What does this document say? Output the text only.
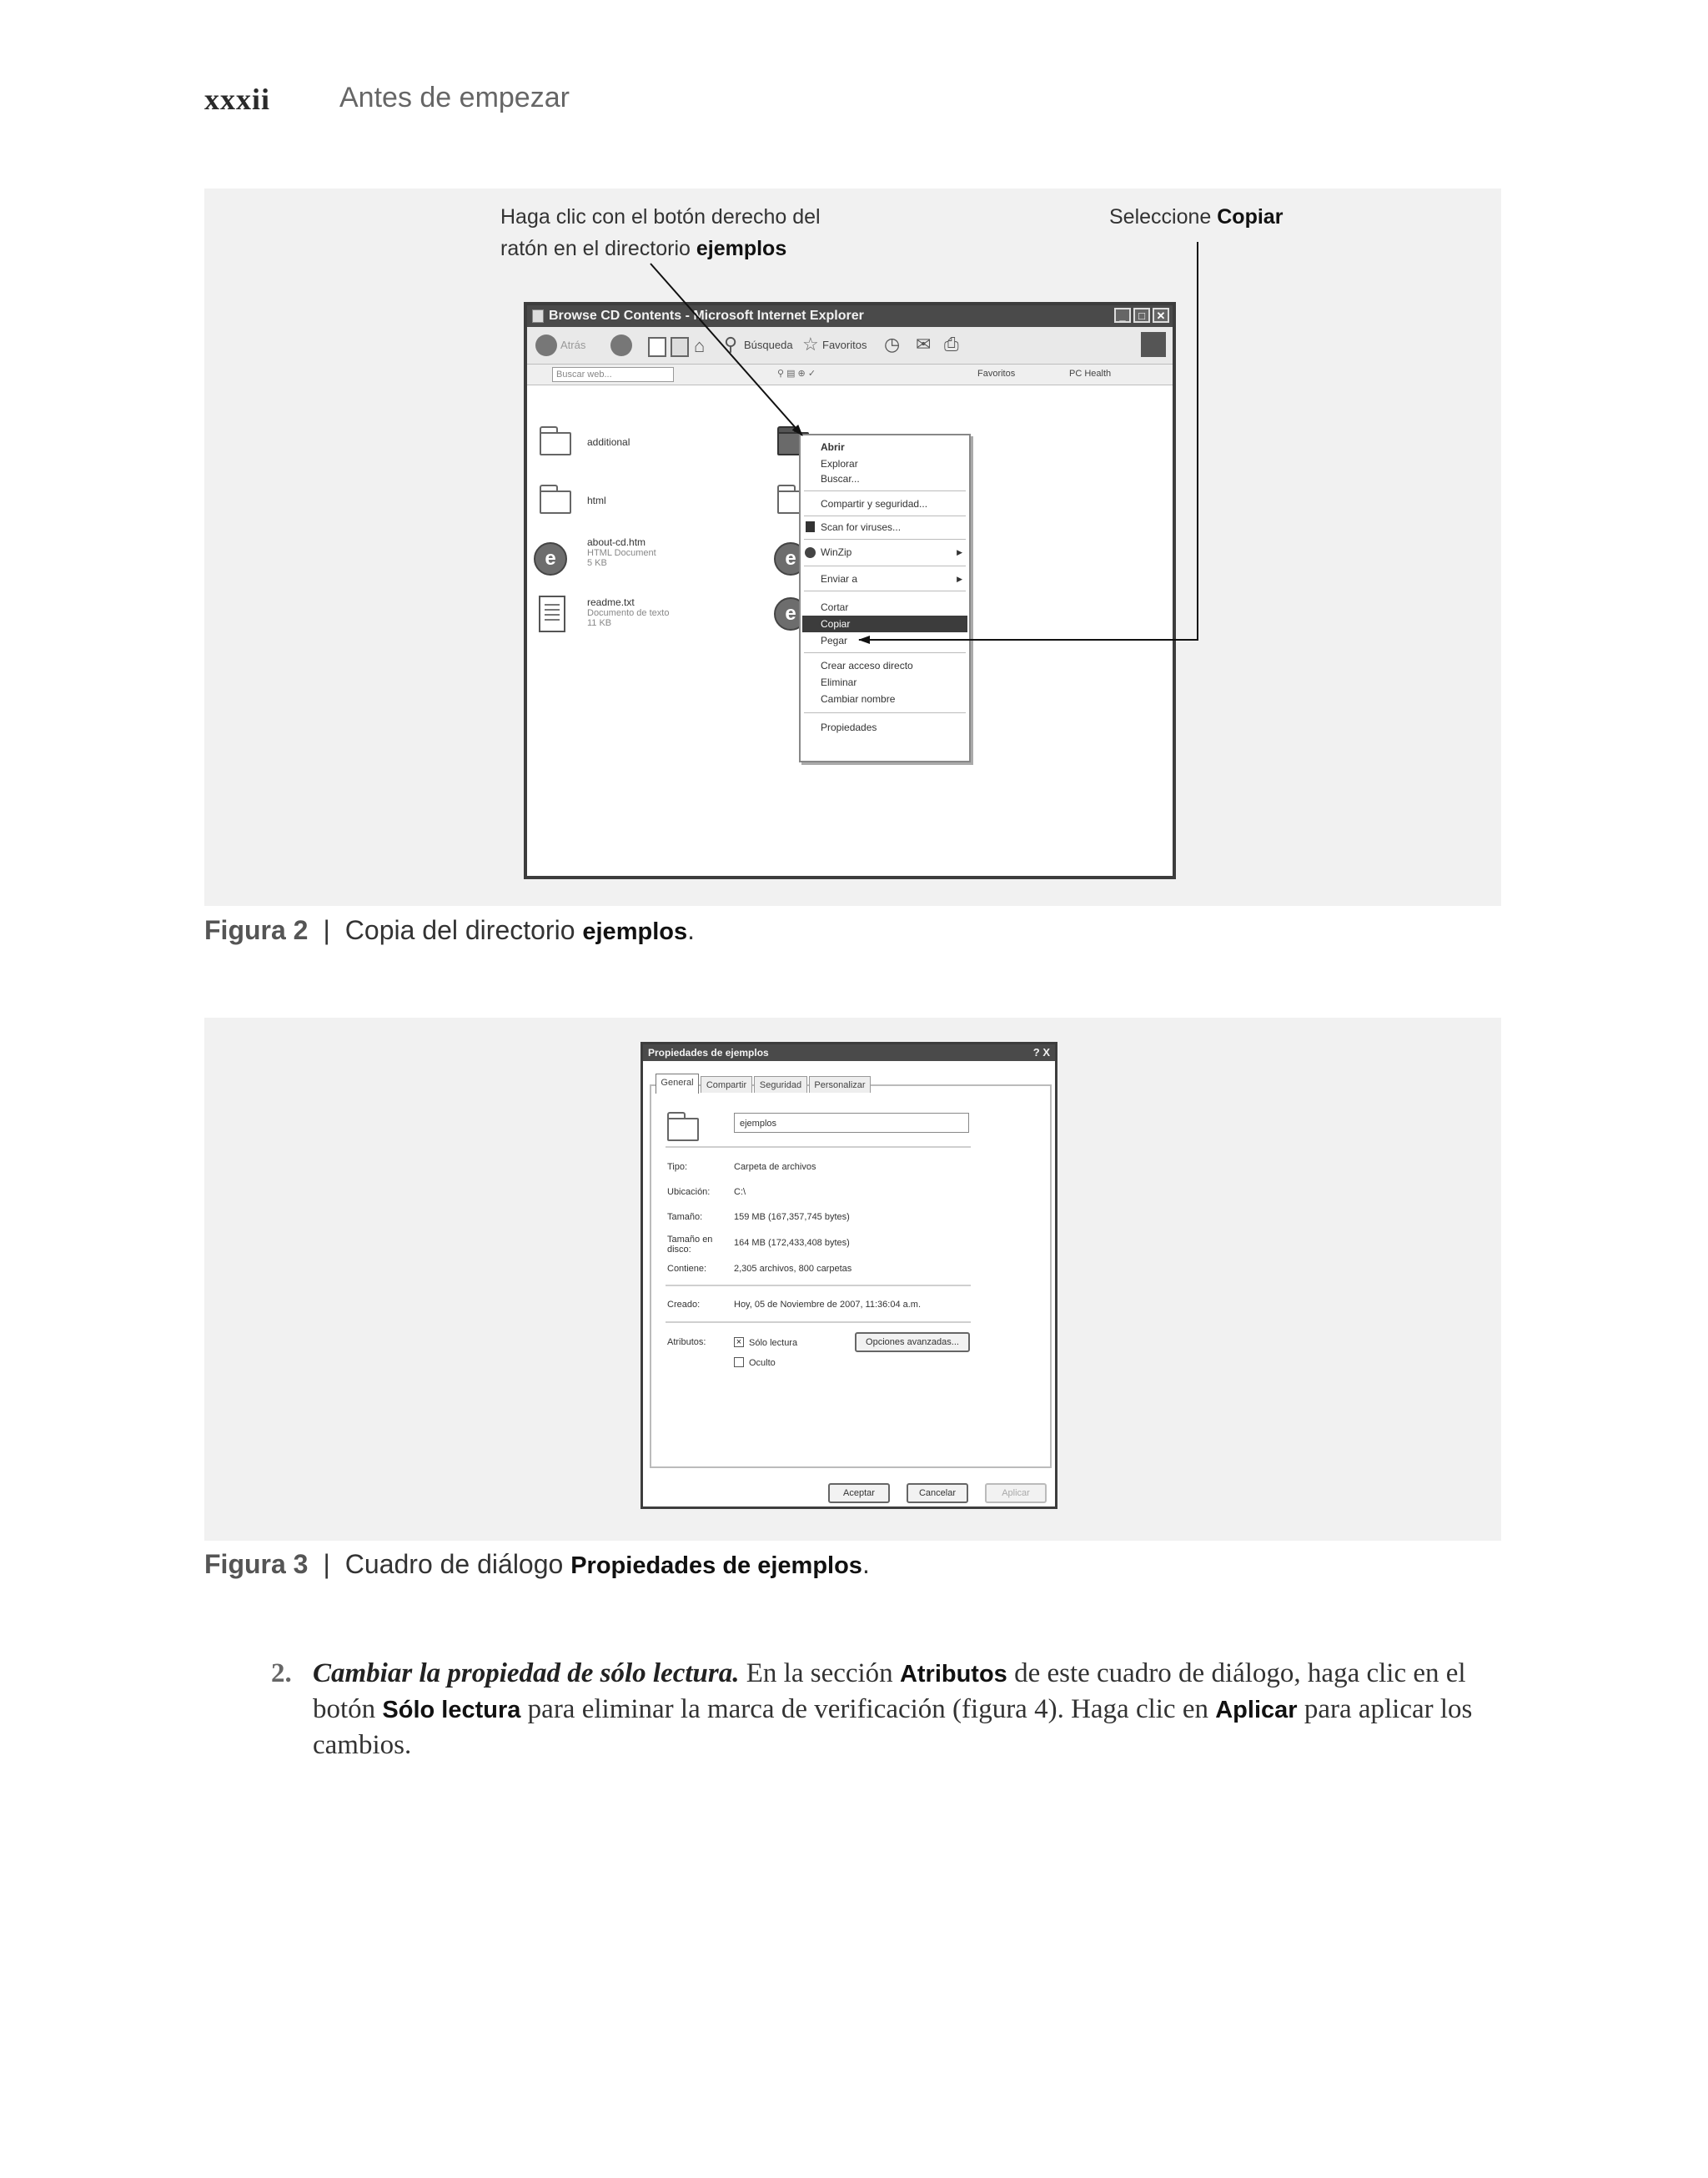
xxxii Antes de empezar
Haga clic con el botón derecho del
ratón en el directorio ejemplos
Seleccione Copiar
Browse CD Contents - Microsoft Internet Explorer	_	□	✕
Atrás	⌂ ⚲ Búsqueda ☆ Favoritos ◷ ✉ ⎙
Buscar web...	⚲ ▤ ⊕ ✓	Favoritos	PC Health
additional
html
e
about-cd.htm
HTML Document
5 KB
readme.txt
Documento de texto
11 KB
e
e
Abrir
Explorar
Buscar...
Compartir y seguridad...
Scan for viruses...
WinZip	▶
Enviar a	▶
Cortar
Copiar
Pegar
Crear acceso directo
Eliminar
Cambiar nombre
Propiedades
Figura 2 | Copia del directorio ejemplos.
Propiedades de ejemplos	? X
General	Compartir	Seguridad	Personalizar
ejemplos
Tipo:	Carpeta de archivos
Ubicación:	C:\
Tamaño:	159 MB (167,357,745 bytes)
Tamaño en disco:
164 MB (172,433,408 bytes)
Contiene:	2,305 archivos, 800 carpetas
Creado:	Hoy, 05 de Noviembre de 2007, 11:36:04 a.m.
Atributos:	× Sólo lectura
Oculto
Opciones avanzadas...
Aceptar	Cancelar	Aplicar
Figura 3 | Cuadro de diálogo Propiedades de ejemplos.
2. Cambiar la propiedad de sólo lectura. En la sección Atributos de este cuadro de diálogo, haga clic en el botón Sólo lectura para eliminar la marca de verificación (figura 4). Haga clic en Aplicar para aplicar los cambios.
